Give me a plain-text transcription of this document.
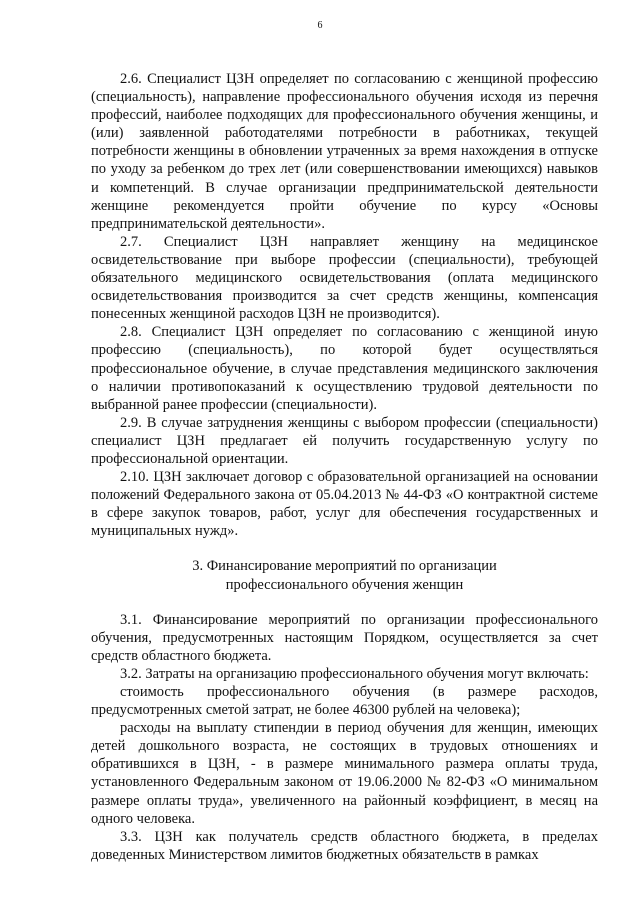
6

2.6. Специалист ЦЗН определяет по согласованию с женщиной профессию (специальность), направление профессионального обучения исходя из перечня профессий, наиболее подходящих для профессионального обучения женщины, и (или) заявленной работодателями потребности в работниках, текущей потребности женщины в обновлении утраченных за время нахождения в отпуске по уходу за ребенком до трех лет (или совершенствовании имеющихся) навыков и компетенций. В случае организации предпринимательской деятельности женщине рекомендуется пройти обучение по курсу «Основы предпринимательской деятельности».

2.7. Специалист ЦЗН направляет женщину на медицинское освидетельствование при выборе профессии (специальности), требующей обязательного медицинского освидетельствования (оплата медицинского освидетельствования производится за счет средств женщины, компенсация понесенных женщиной расходов ЦЗН не производится).

2.8. Специалист ЦЗН определяет по согласованию с женщиной иную профессию (специальность), по которой будет осуществляться профессиональное обучение, в случае представления медицинского заключения о наличии противопоказаний к осуществлению трудовой деятельности по выбранной ранее профессии (специальности).

2.9. В случае затруднения женщины с выбором профессии (специальности) специалист ЦЗН предлагает ей получить государственную услугу по профессиональной ориентации.

2.10. ЦЗН заключает договор с образовательной организацией на основании положений Федерального закона от 05.04.2013 № 44-ФЗ «О контрактной системе в сфере закупок товаров, работ, услуг для обеспечения государственных и муниципальных нужд».

3. Финансирование мероприятий по организации
профессионального обучения женщин

3.1. Финансирование мероприятий по организации профессионального обучения, предусмотренных настоящим Порядком, осуществляется за счет средств областного бюджета.

3.2. Затраты на организацию профессионального обучения могут включать:

стоимость профессионального обучения (в размере расходов, предусмотренных сметой затрат, не более 46300 рублей на человека);

расходы на выплату стипендии в период обучения для женщин, имеющих детей дошкольного возраста, не состоящих в трудовых отношениях и обратившихся в ЦЗН, - в размере минимального размера оплаты труда, установленного Федеральным законом от 19.06.2000 № 82-ФЗ «О минимальном размере оплаты труда», увеличенного на районный коэффициент, в месяц на одного человека.

3.3. ЦЗН как получатель средств областного бюджета, в пределах доведенных Министерством лимитов бюджетных обязательств в рамках
